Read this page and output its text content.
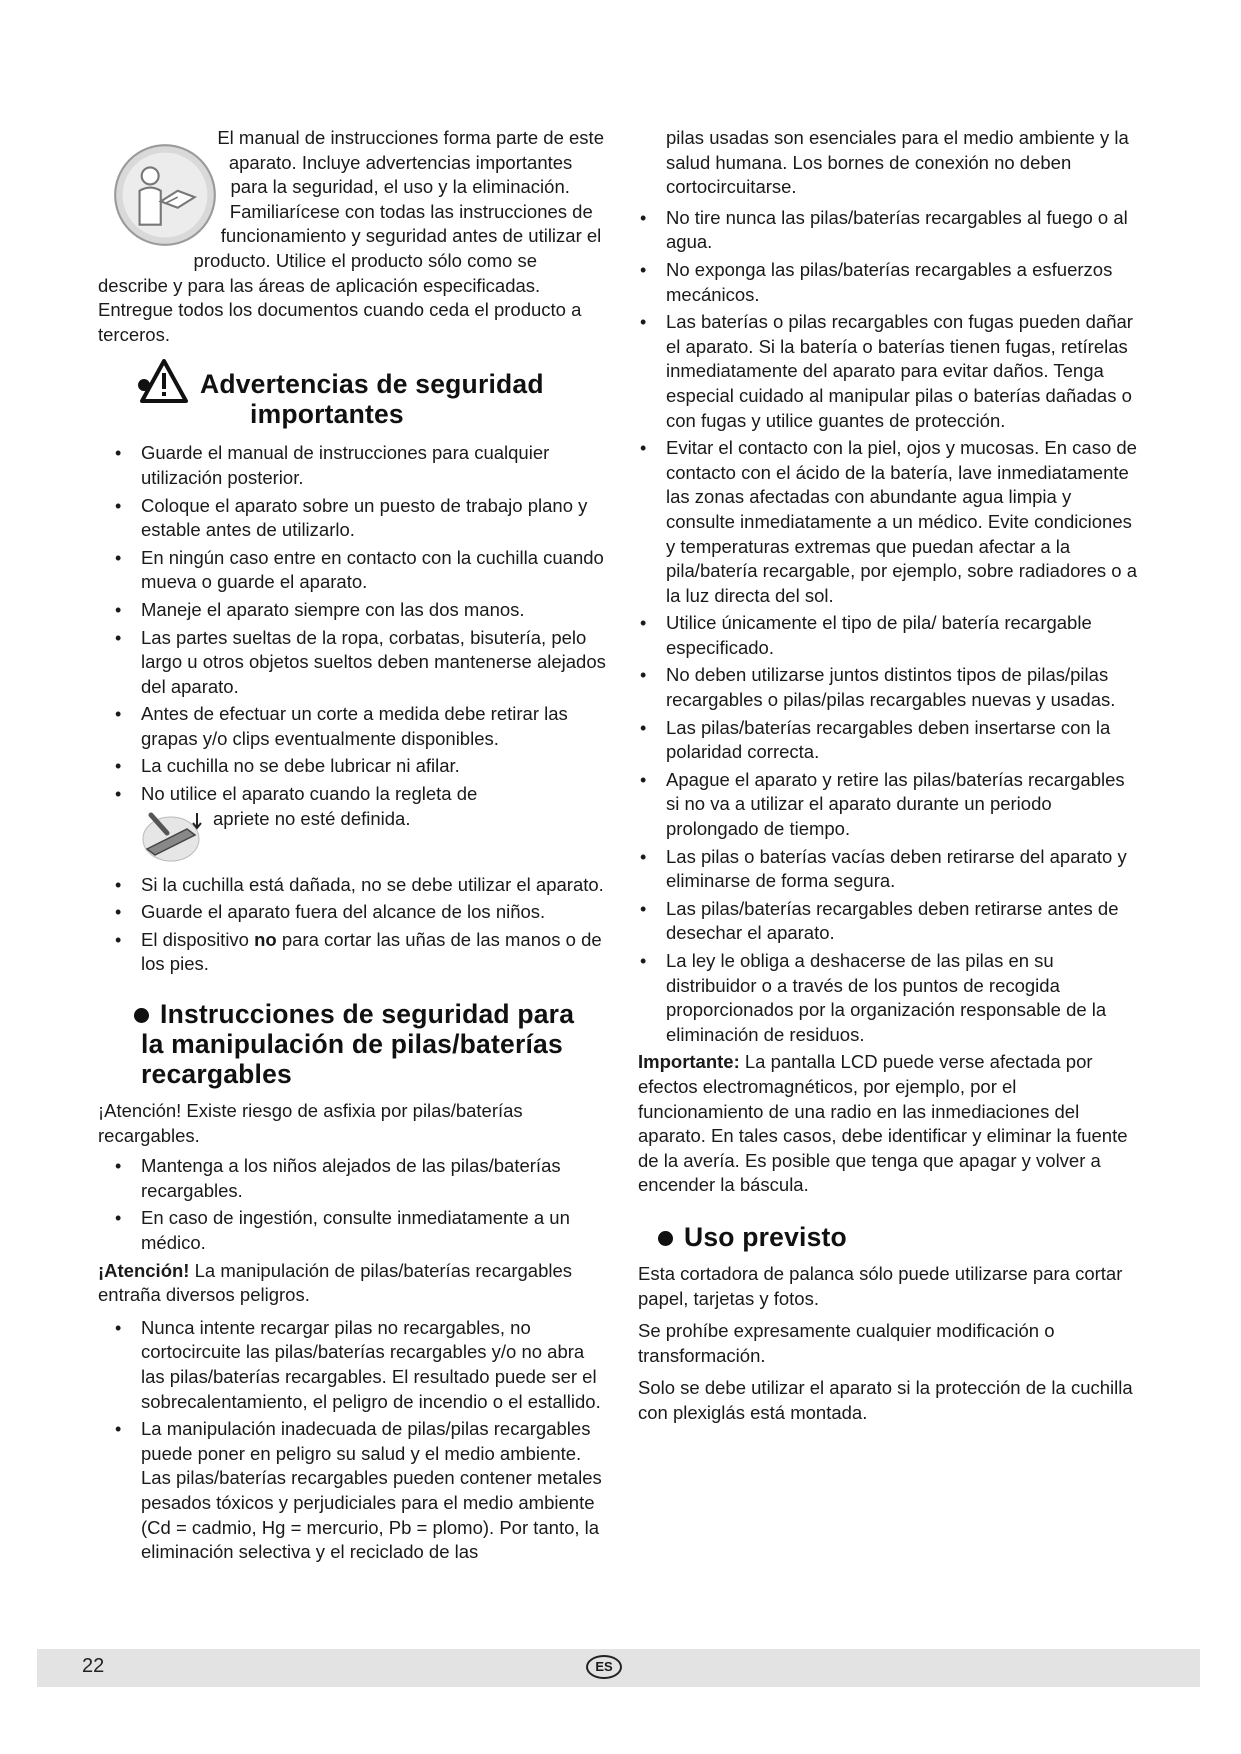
El manual de instrucciones forma parte de este aparato. Incluye advertencias importantes para la seguridad, el uso y la eliminación. Familiarícese con todas las instrucciones de funcionamiento y seguridad antes de utilizar el producto. Utilice el producto sólo como se describe y para las áreas de aplicación especificadas. Entregue todos los documentos cuando ceda el producto a terceros.

Advertencias de seguridad
importantes
• Guarde el manual de instrucciones para cualquier utilización posterior.
• Coloque el aparato sobre un puesto de trabajo plano y estable antes de utilizarlo.
• En ningún caso entre en contacto con la cuchilla cuando mueva o guarde el aparato.
• Maneje el aparato siempre con las dos manos.
• Las partes sueltas de la ropa, corbatas, bisutería, pelo largo u otros objetos sueltos deben mantenerse alejados del aparato.
• Antes de efectuar un corte a medida debe retirar las grapas y/o clips eventualmente disponibles.
• La cuchilla no se debe lubricar ni afilar.
• No utilice el aparato cuando la regleta de

apriete no esté definida.
• Si la cuchilla está dañada, no se debe utilizar el aparato.
• Guarde el aparato fuera del alcance de los niños.
• El dispositivo no para cortar las uñas de las manos o de los pies.
Instrucciones de seguridad para
la manipulación de pilas/baterías
recargables

¡Atención! Existe riesgo de asfixia por pilas/baterías recargables.

• Mantenga a los niños alejados de las pilas/baterías recargables.
• En caso de ingestión, consulte inmediatamente a un médico.

¡Atención! La manipulación de pilas/baterías recargables entraña diversos peligros.

• Nunca intente recargar pilas no recargables, no cortocircuite las pilas/baterías recargables y/o no abra las pilas/baterías recargables. El resultado puede ser el sobrecalentamiento, el peligro de incendio o el estallido.
• La manipulación inadecuada de pilas/pilas recargables puede poner en peligro su salud y el medio ambiente. Las pilas/baterías recargables pueden contener metales pesados tóxicos y perjudiciales para el medio ambiente (Cd = cadmio, Hg = mercurio, Pb = plomo). Por tanto, la eliminación selectiva y el reciclado de las

pilas usadas son esenciales para el medio ambiente y la salud humana. Los bornes de conexión no deben cortocircuitarse.

• No tire nunca las pilas/baterías recargables al fuego o al agua.
• No exponga las pilas/baterías recargables a esfuerzos mecánicos.
• Las baterías o pilas recargables con fugas pueden dañar el aparato. Si la batería o baterías tienen fugas, retírelas inmediatamente del aparato para evitar daños. Tenga especial cuidado al manipular pilas o baterías dañadas o con fugas y utilice guantes de protección.
• Evitar el contacto con la piel, ojos y mucosas. En caso de contacto con el ácido de la batería, lave inmediatamente las zonas afectadas con abundante agua limpia y consulte inmediatamente a un médico. Evite condiciones y temperaturas extremas que puedan afectar a la pila/batería recargable, por ejemplo, sobre radiadores o a la luz directa del sol.
• Utilice únicamente el tipo de pila/ batería recargable especificado.
• No deben utilizarse juntos distintos tipos de pilas/pilas recargables o pilas/pilas recargables nuevas y usadas.
• Las pilas/baterías recargables deben insertarse con la polaridad correcta.
• Apague el aparato y retire las pilas/baterías recargables si no va a utilizar el aparato durante un periodo prolongado de tiempo.
• Las pilas o baterías vacías deben retirarse del aparato y eliminarse de forma segura.
• Las pilas/baterías recargables deben retirarse antes de desechar el aparato.
• La ley le obliga a deshacerse de las pilas en su distribuidor o a través de los puntos de recogida proporcionados por la organización responsable de la eliminación de residuos.

Importante: La pantalla LCD puede verse afectada por efectos electromagnéticos, por ejemplo, por el funcionamiento de una radio en las inmediaciones del aparato. En tales casos, debe identificar y eliminar la fuente de la avería. Es posible que tenga que apagar y volver a encender la báscula.

Uso previsto

Esta cortadora de palanca sólo puede utilizarse para cortar papel, tarjetas y fotos.

Se prohíbe expresamente cualquier modificación o transformación.

Solo se debe utilizar el aparato si la protección de la cuchilla con plexiglás está montada.

22	ES
